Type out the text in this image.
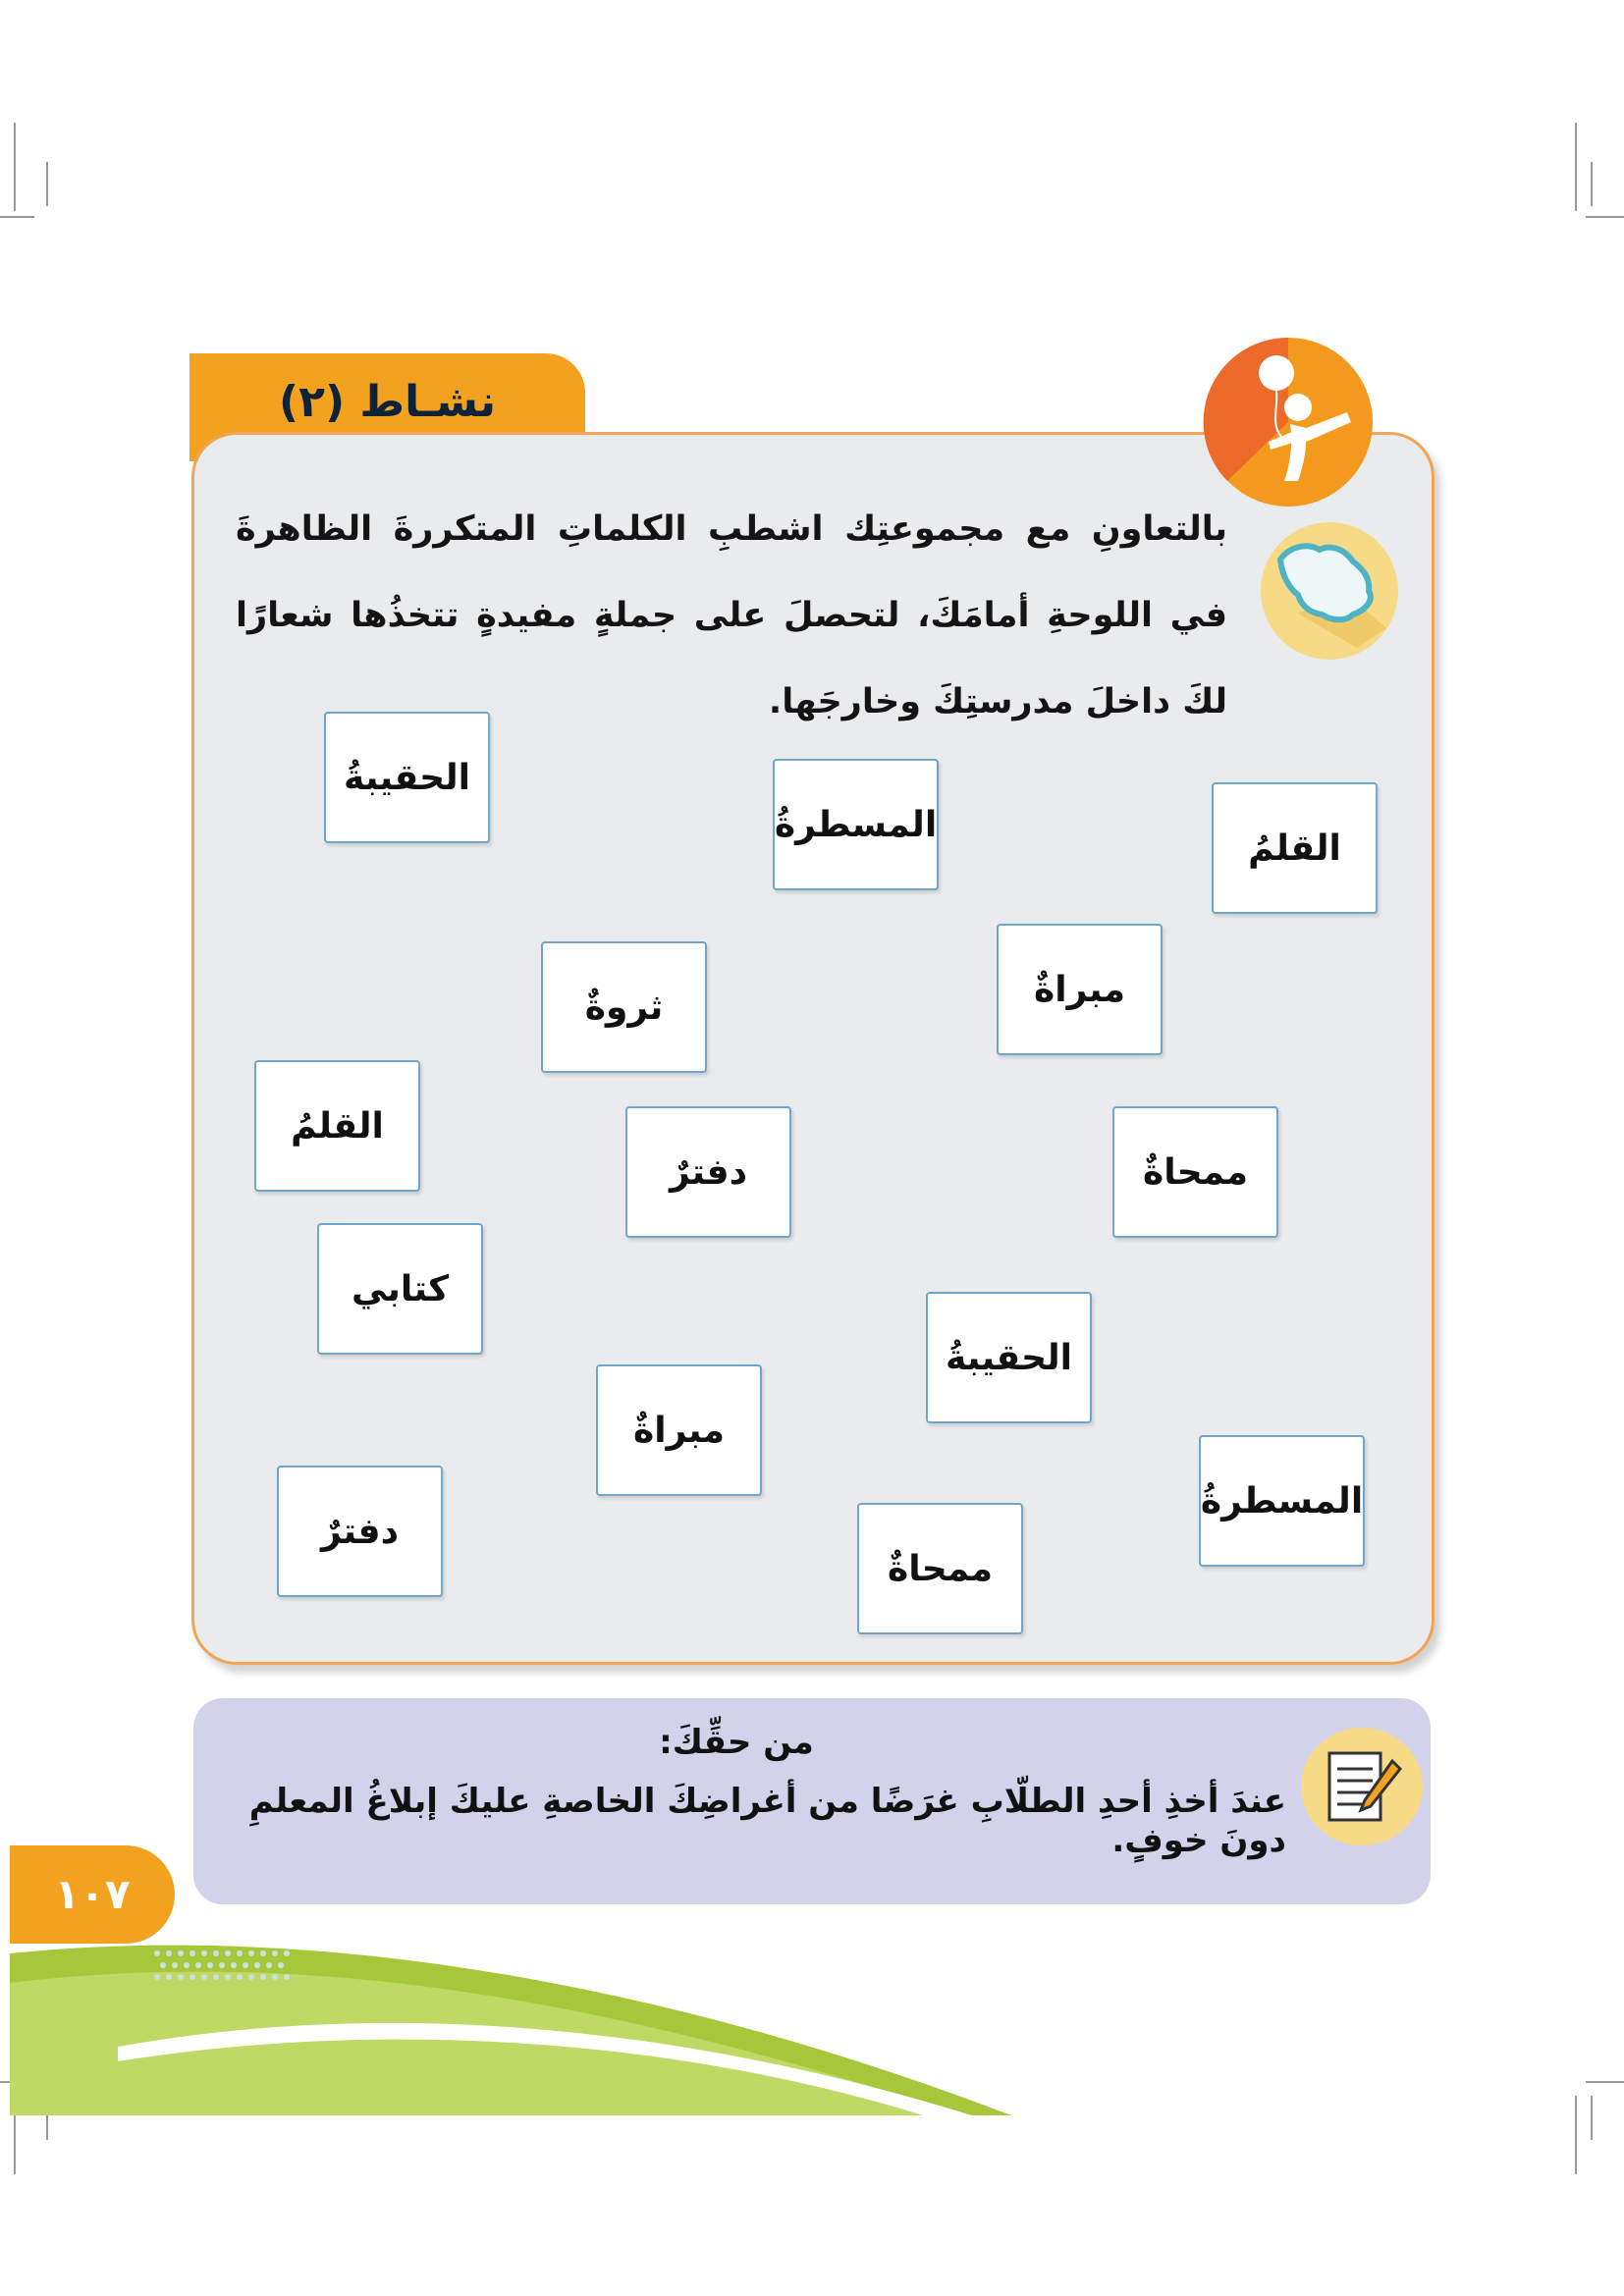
نشـاط (٢)
بالتعاونِ مع مجموعتِك اشطبِ الكلماتِ المتكررةَ الظاهرةَ في اللوحةِ أمامَكَ، لتحصلَ على جملةٍ مفيدةٍ تتخذُها شعارًا لكَ داخلَ مدرستِكَ وخارجَها.
الحقيبةُ
المسطرةُ
القلمُ
ثروةٌ	مبراةٌ
القلمُ
دفترٌ	ممحاةٌ
كتابي
الحقيبةُ
مبراةٌ
المسطرةُ
دفترٌ
ممحاةٌ
من حقِّكَ:
عندَ أخذِ أحدِ الطلّابِ غرَضًا من أغراضِكَ الخاصةِ عليكَ إبلاغُ المعلمِ دونَ خوفٍ.
١٠٧
